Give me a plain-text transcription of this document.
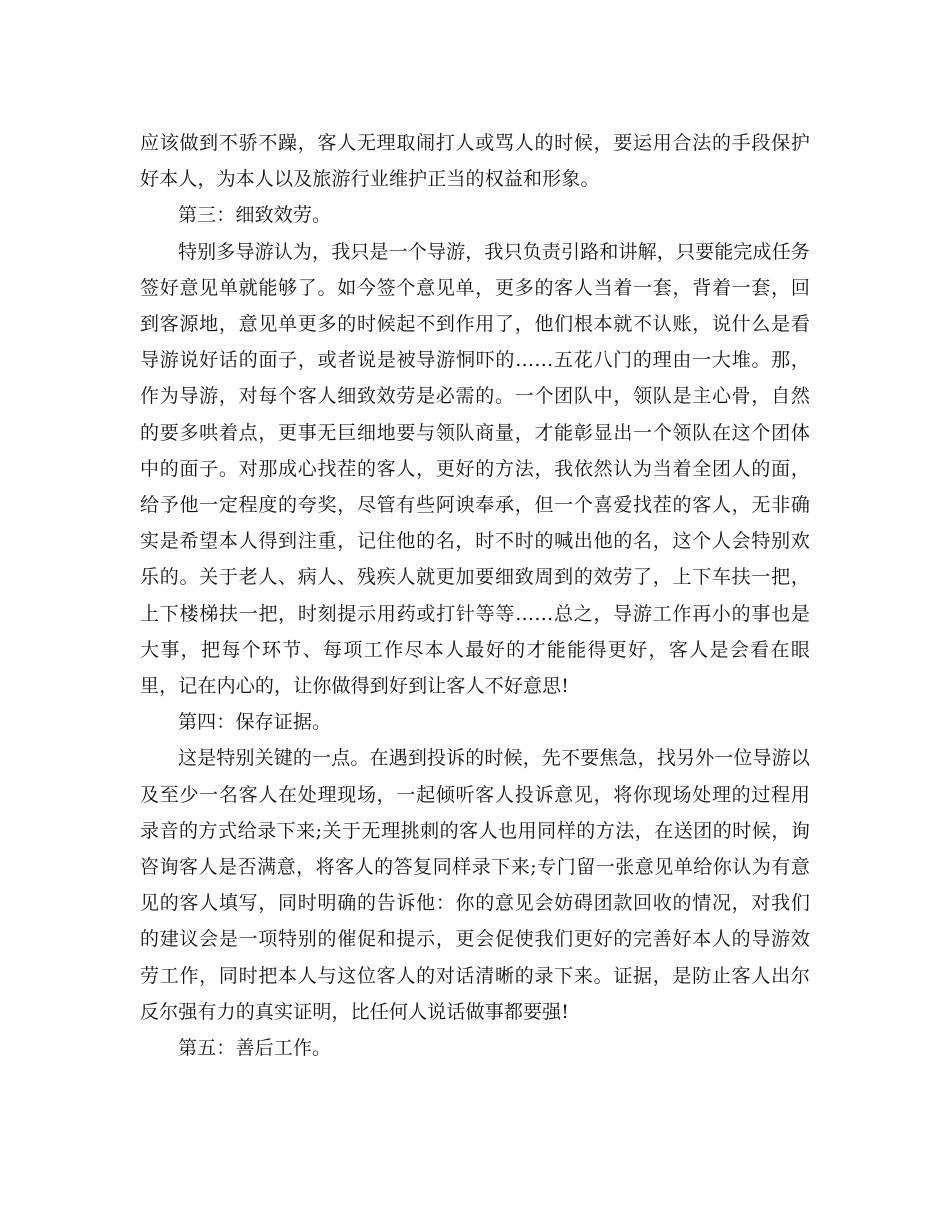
应该做到不骄不躁，客人无理取闹打人或骂人的时候，要运用合法的手段保护好本人，为本人以及旅游行业维护正当的权益和形象。

第三：细致效劳。

特别多导游认为，我只是一个导游，我只负责引路和讲解，只要能完成任务签好意见单就能够了。如今签个意见单，更多的客人当着一套，背着一套，回到客源地，意见单更多的时候起不到作用了，他们根本就不认账，说什么是看导游说好话的面子，或者说是被导游恫吓的……五花八门的理由一大堆。那，作为导游，对每个客人细致效劳是必需的。一个团队中，领队是主心骨，自然的要多哄着点，更事无巨细地要与领队商量，才能彰显出一个领队在这个团体中的面子。对那成心找茬的客人，更好的方法，我依然认为当着全团人的面，给予他一定程度的夸奖，尽管有些阿谀奉承，但一个喜爱找茬的客人，无非确实是希望本人得到注重，记住他的名，时不时的喊出他的名，这个人会特别欢乐的。关于老人、病人、残疾人就更加要细致周到的效劳了，上下车扶一把，上下楼梯扶一把，时刻提示用药或打针等等……总之，导游工作再小的事也是大事，把每个环节、每项工作尽本人最好的才能能得更好，客人是会看在眼里，记在内心的，让你做得到好到让客人不好意思!

第四：保存证据。

这是特别关键的一点。在遇到投诉的时候，先不要焦急，找另外一位导游以及至少一名客人在处理现场，一起倾听客人投诉意见，将你现场处理的过程用录音的方式给录下来;关于无理挑刺的客人也用同样的方法，在送团的时候，询咨询客人是否满意，将客人的答复同样录下来;专门留一张意见单给你认为有意见的客人填写，同时明确的告诉他：你的意见会妨碍团款回收的情况，对我们的建议会是一项特别的催促和提示，更会促使我们更好的完善好本人的导游效劳工作，同时把本人与这位客人的对话清晰的录下来。证据，是防止客人出尔反尔强有力的真实证明，比任何人说话做事都要强!

第五：善后工作。
